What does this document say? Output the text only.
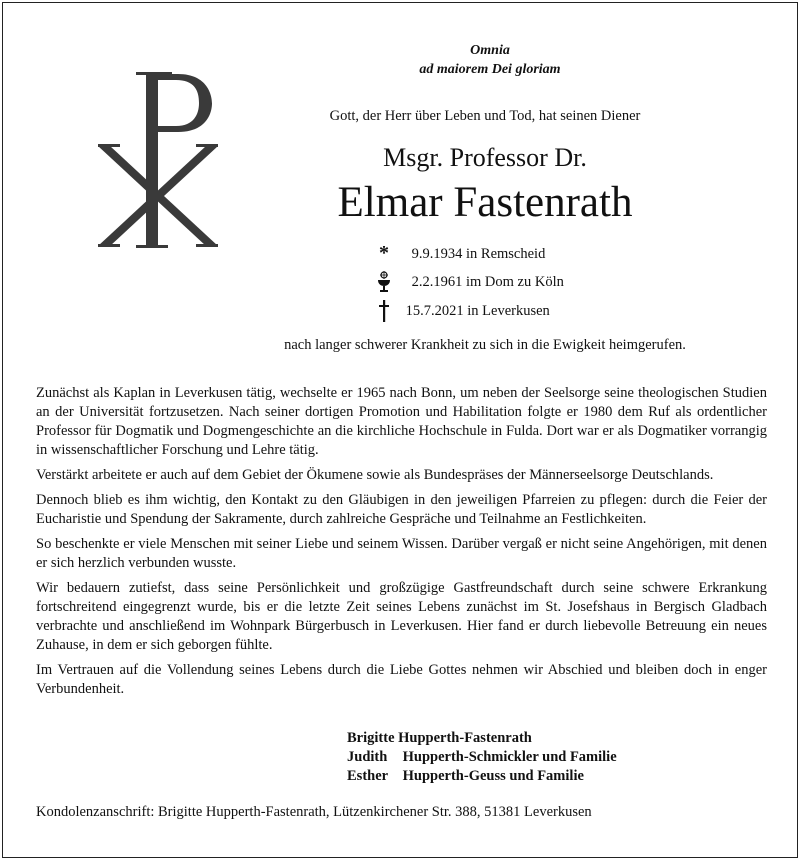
Omnia
ad maiorem Dei gloriam
Gott, der Herr über Leben und Tod, hat seinen Diener
Msgr. Professor Dr.
Elmar Fastenrath
* 9.9.1934 in Remscheid
2.2.1961 im Dom zu Köln
15.7.2021 in Leverkusen
nach langer schwerer Krankheit zu sich in die Ewigkeit heimgerufen.

Zunächst als Kaplan in Leverkusen tätig, wechselte er 1965 nach Bonn, um neben der Seelsorge seine theologischen Studien an der Universität fortzusetzen. Nach seiner dortigen Promotion und Habilitation folgte er 1980 dem Ruf als ordentlicher Professor für Dogmatik und Dogmengeschichte an die kirchliche Hochschule in Fulda. Dort war er als Dogmatiker vorrangig in wissenschaftlicher Forschung und Lehre tätig.

Verstärkt arbeitete er auch auf dem Gebiet der Ökumene sowie als Bundespräses der Männerseelsorge Deutschlands.

Dennoch blieb es ihm wichtig, den Kontakt zu den Gläubigen in den jeweiligen Pfarreien zu pflegen: durch die Feier der Eucharistie und Spendung der Sakramente, durch zahlreiche Gespräche und Teilnahme an Festlichkeiten.

So beschenkte er viele Menschen mit seiner Liebe und seinem Wissen. Darüber vergaß er nicht seine Angehörigen, mit denen er sich herzlich verbunden wusste.

Wir bedauern zutiefst, dass seine Persönlichkeit und großzügige Gastfreundschaft durch seine schwere Erkrankung fortschreitend eingegrenzt wurde, bis er die letzte Zeit seines Lebens zunächst im St. Josefshaus in Bergisch Gladbach verbrachte und anschließend im Wohnpark Bürgerbusch in Leverkusen. Hier fand er durch liebevolle Betreuung ein neues Zuhause, in dem er sich geborgen fühlte.

Im Vertrauen auf die Vollendung seines Lebens durch die Liebe Gottes nehmen wir Abschied und bleiben doch in enger Verbundenheit.

Brigitte Hupperth-Fastenrath
Judith Hupperth-Schmickler und Familie
Esther Hupperth-Geuss und Familie
Kondolenzanschrift: Brigitte Hupperth-Fastenrath, Lützenkirchener Str. 388, 51381 Leverkusen
